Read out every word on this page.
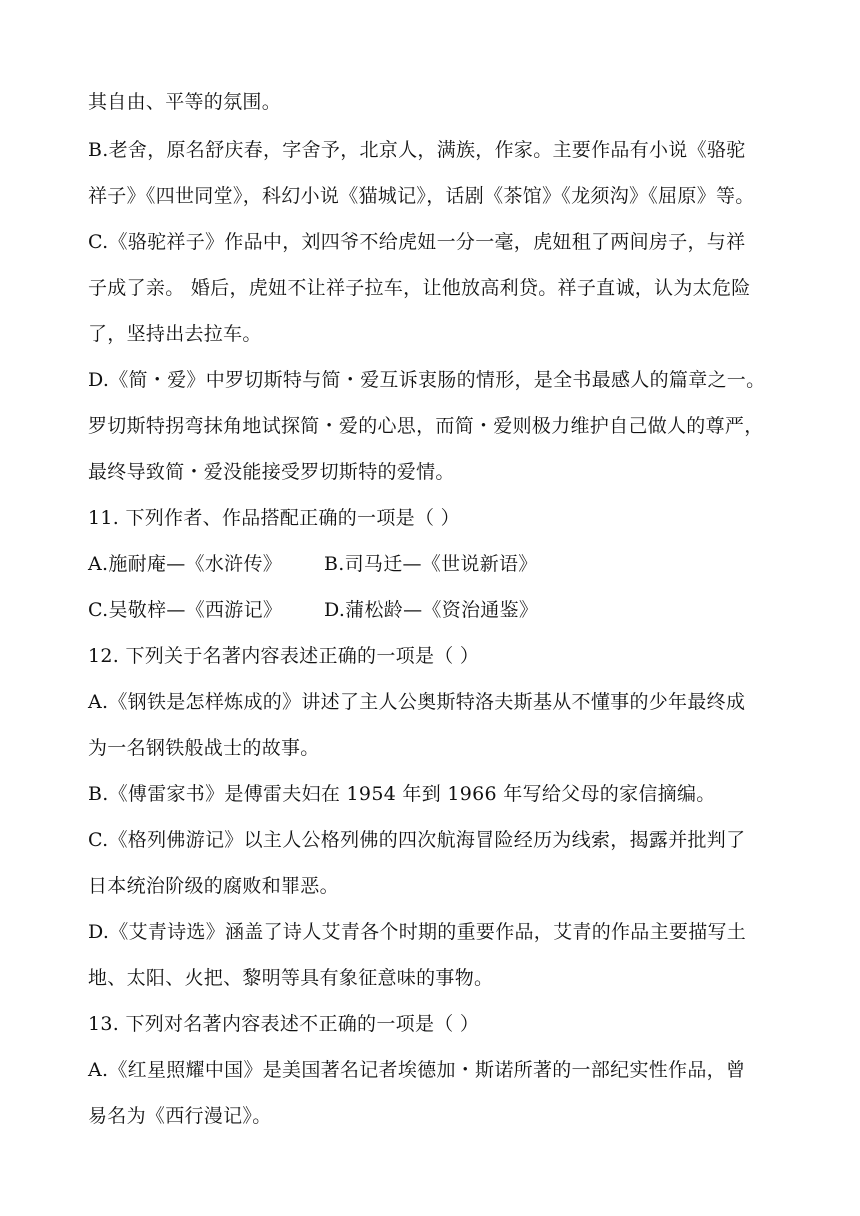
其自由、平等的氛围。
B.老舍，原名舒庆春，字舍予，北京人，满族，作家。主要作品有小说《骆驼
祥子》《四世同堂》，科幻小说《猫城记》，话剧《茶馆》《龙须沟》《屈原》等。
C.《骆驼祥子》作品中，刘四爷不给虎妞一分一毫，虎妞租了两间房子，与祥
子成了亲。 婚后，虎妞不让祥子拉车，让他放高利贷。祥子直诚，认为太危险
了，坚持出去拉车。
D.《简・爱》中罗切斯特与简・爱互诉衷肠的情形，是全书最感人的篇章之一。
罗切斯特拐弯抹角地试探简・爱的心思，而简・爱则极力维护自己做人的尊严，
最终导致简・爱没能接受罗切斯特的爱情。
11. 下列作者、作品搭配正确的一项是（ ）
A.施耐庵—《水浒传》 B.司马迁—《世说新语》
C.吴敬梓—《西游记》 D.蒲松龄—《资治通鉴》
12. 下列关于名著内容表述正确的一项是（ ）
A.《钢铁是怎样炼成的》讲述了主人公奥斯特洛夫斯基从不懂事的少年最终成
为一名钢铁般战士的故事。
B.《傅雷家书》是傅雷夫妇在 1954 年到 1966 年写给父母的家信摘编。
C.《格列佛游记》以主人公格列佛的四次航海冒险经历为线索，揭露并批判了
日本统治阶级的腐败和罪恶。
D.《艾青诗选》涵盖了诗人艾青各个时期的重要作品，艾青的作品主要描写土
地、太阳、火把、黎明等具有象征意味的事物。
13. 下列对名著内容表述不正确的一项是（ ）
A.《红星照耀中国》是美国著名记者埃德加・斯诺所著的一部纪实性作品，曾
易名为《西行漫记》。
